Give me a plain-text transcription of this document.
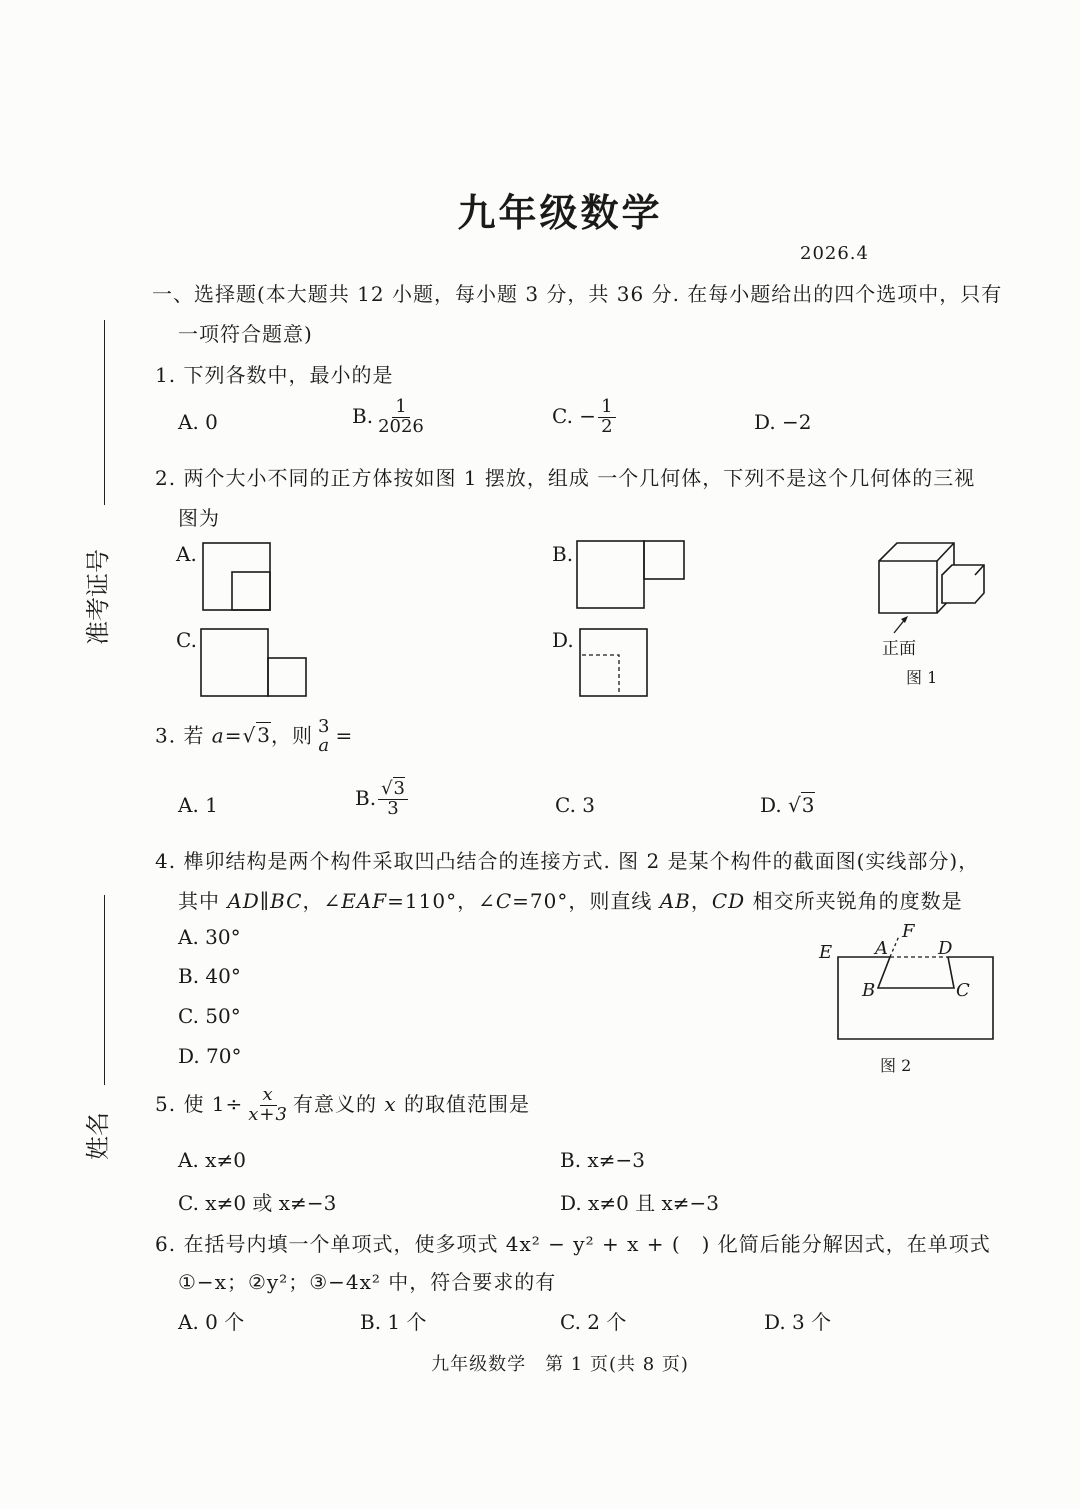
九年级数学
2026.4
准考证号
姓名
一、选择题(本大题共 12 小题，每小题 3 分，共 36 分. 在每小题给出的四个选项中，只有
一项符合题意)
1. 下列各数中，最小的是
A. 0	B. $\frac{1}{2026}$	C. − $\frac{1}{2}$	D. −2
2. 两个大小不同的正方体按如图 1 摆放，组成 一个几何体，下列不是这个几何体的三视
图为
A.	B.
C.	D.	正面
图 1
3. 若 a=√3，则 3
a =
A. 1	B. $\frac{√3}{3}$	C. 3	D. √3
4. 榫卯结构是两个构件采取凹凸结合的连接方式. 图 2 是某个构件的截面图(实线部分)，
其中 AD∥BC，∠EAF=110°，∠C=70°，则直线 AB，CD 相交所夹锐角的度数是
A. 30°
B. 40°
C. 50°
D. 70°
E A
F
D
B	C
图 2
5. 使 $1\div \frac{x}{x+3}$ 有意义的 x 的取值范围是
A. x≠0	B. x≠−3
C. x≠0 或 x≠−3	D. x≠0 且 x≠−3
6. 在括号内填一个单项式，使多项式 4x² − y² + x + (　) 化简后能分解因式，在单项式
①−x；②y²；③−4x² 中，符合要求的有
A. 0 个	B. 1 个	C. 2 个	D. 3 个
九年级数学　第 1 页(共 8 页)
